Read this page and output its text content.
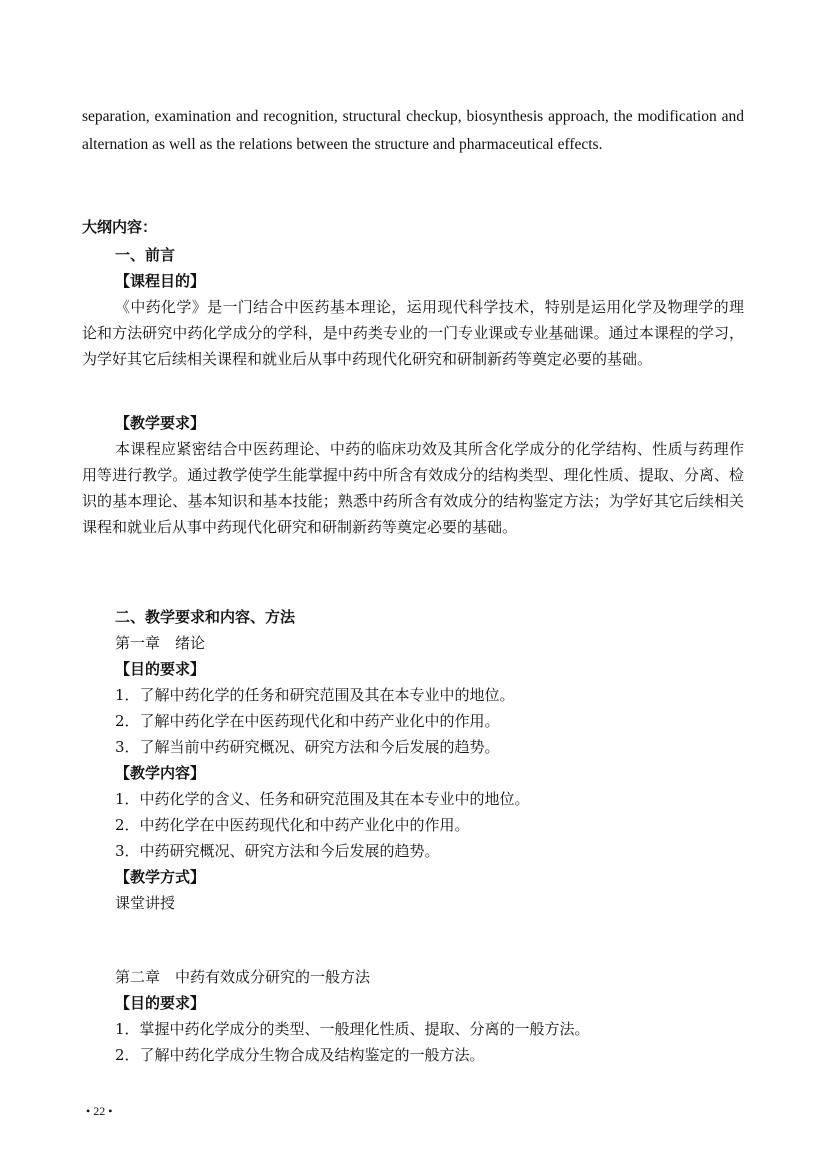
separation, examination and recognition, structural checkup, biosynthesis approach, the modification and alternation as well as the relations between the structure and pharmaceutical effects.

大纲内容：

一、前言
【课程目的】

《中药化学》是一门结合中医药基本理论，运用现代科学技术，特别是运用化学及物理学的理论和方法研究中药化学成分的学科，是中药类专业的一门专业课或专业基础课。通过本课程的学习，为学好其它后续相关课程和就业后从事中药现代化研究和研制新药等奠定必要的基础。

【教学要求】

本课程应紧密结合中医药理论、中药的临床功效及其所含化学成分的化学结构、性质与药理作用等进行教学。通过教学使学生能掌握中药中所含有效成分的结构类型、理化性质、提取、分离、检识的基本理论、基本知识和基本技能；熟悉中药所含有效成分的结构鉴定方法；为学好其它后续相关课程和就业后从事中药现代化研究和研制新药等奠定必要的基础。

二、教学要求和内容、方法
第一章　绪论
【目的要求】
1．了解中药化学的任务和研究范围及其在本专业中的地位。
2．了解中药化学在中医药现代化和中药产业化中的作用。
3．了解当前中药研究概况、研究方法和今后发展的趋势。
【教学内容】
1．中药化学的含义、任务和研究范围及其在本专业中的地位。
2．中药化学在中医药现代化和中药产业化中的作用。
3．中药研究概况、研究方法和今后发展的趋势。
【教学方式】
课堂讲授
第二章　中药有效成分研究的一般方法
【目的要求】
1．掌握中药化学成分的类型、一般理化性质、提取、分离的一般方法。
2．了解中药化学成分生物合成及结构鉴定的一般方法。
• 22 •
